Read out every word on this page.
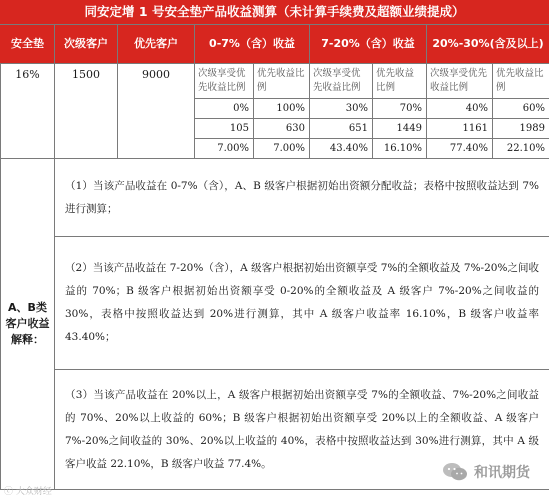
同安定增 1 号安全垫产品收益测算（未计算手续费及超额业绩提成）
安全垫	次级客户	优先客户	0-7%（含）收益		7-20%（含）收益		20%-30%(含及以上)	
16%	1500	9000	次级享受优先收益比例	优先收益比例	次级享受优先收益比例	优先收益比例	次级享受优先收益比例	优先收益比例
			0%	100%	30%	70%	40%	60%
			105	630	651	1449	1161	1989
			7.00%	7.00%	43.40%	16.10%	77.40%	22.10%
A、B类客户收益 解释：	（1）当该产品收益在 0-7%（含），A、B 级客户根据初始出资额分配收益；表格中按照收益达到 7%进行测算；							
	（2）当该产品收益在 7-20%（含），A 级客户根据初始出资额享受 7%的全额收益及 7%-20%之间收益的 70%；B 级客户根据初始出资额享受 0-20%的全额收益及 A 级客户 7%-20%之间收益的 30%，表格中按照收益达到 20%进行测算，其中 A 级客户收益率 16.10%，B 级客户收益率 43.40%；							
	（3）当该产品收益在 20%以上，A 级客户根据初始出资额享受 7%的全额收益、7%-20%之间收益的 70%、20%以上收益的 60%；B 级客户根据初始出资额享受 20%以上的全额收益、A 级客户 7%-20%之间收益的 30%、20%以上收益的 40%，表格中按照收益达到 30%进行测算，其中 A 级客户收益 22.10%，B 级客户收益 77.4%。							
ⓒ 大众财经
和讯期货
